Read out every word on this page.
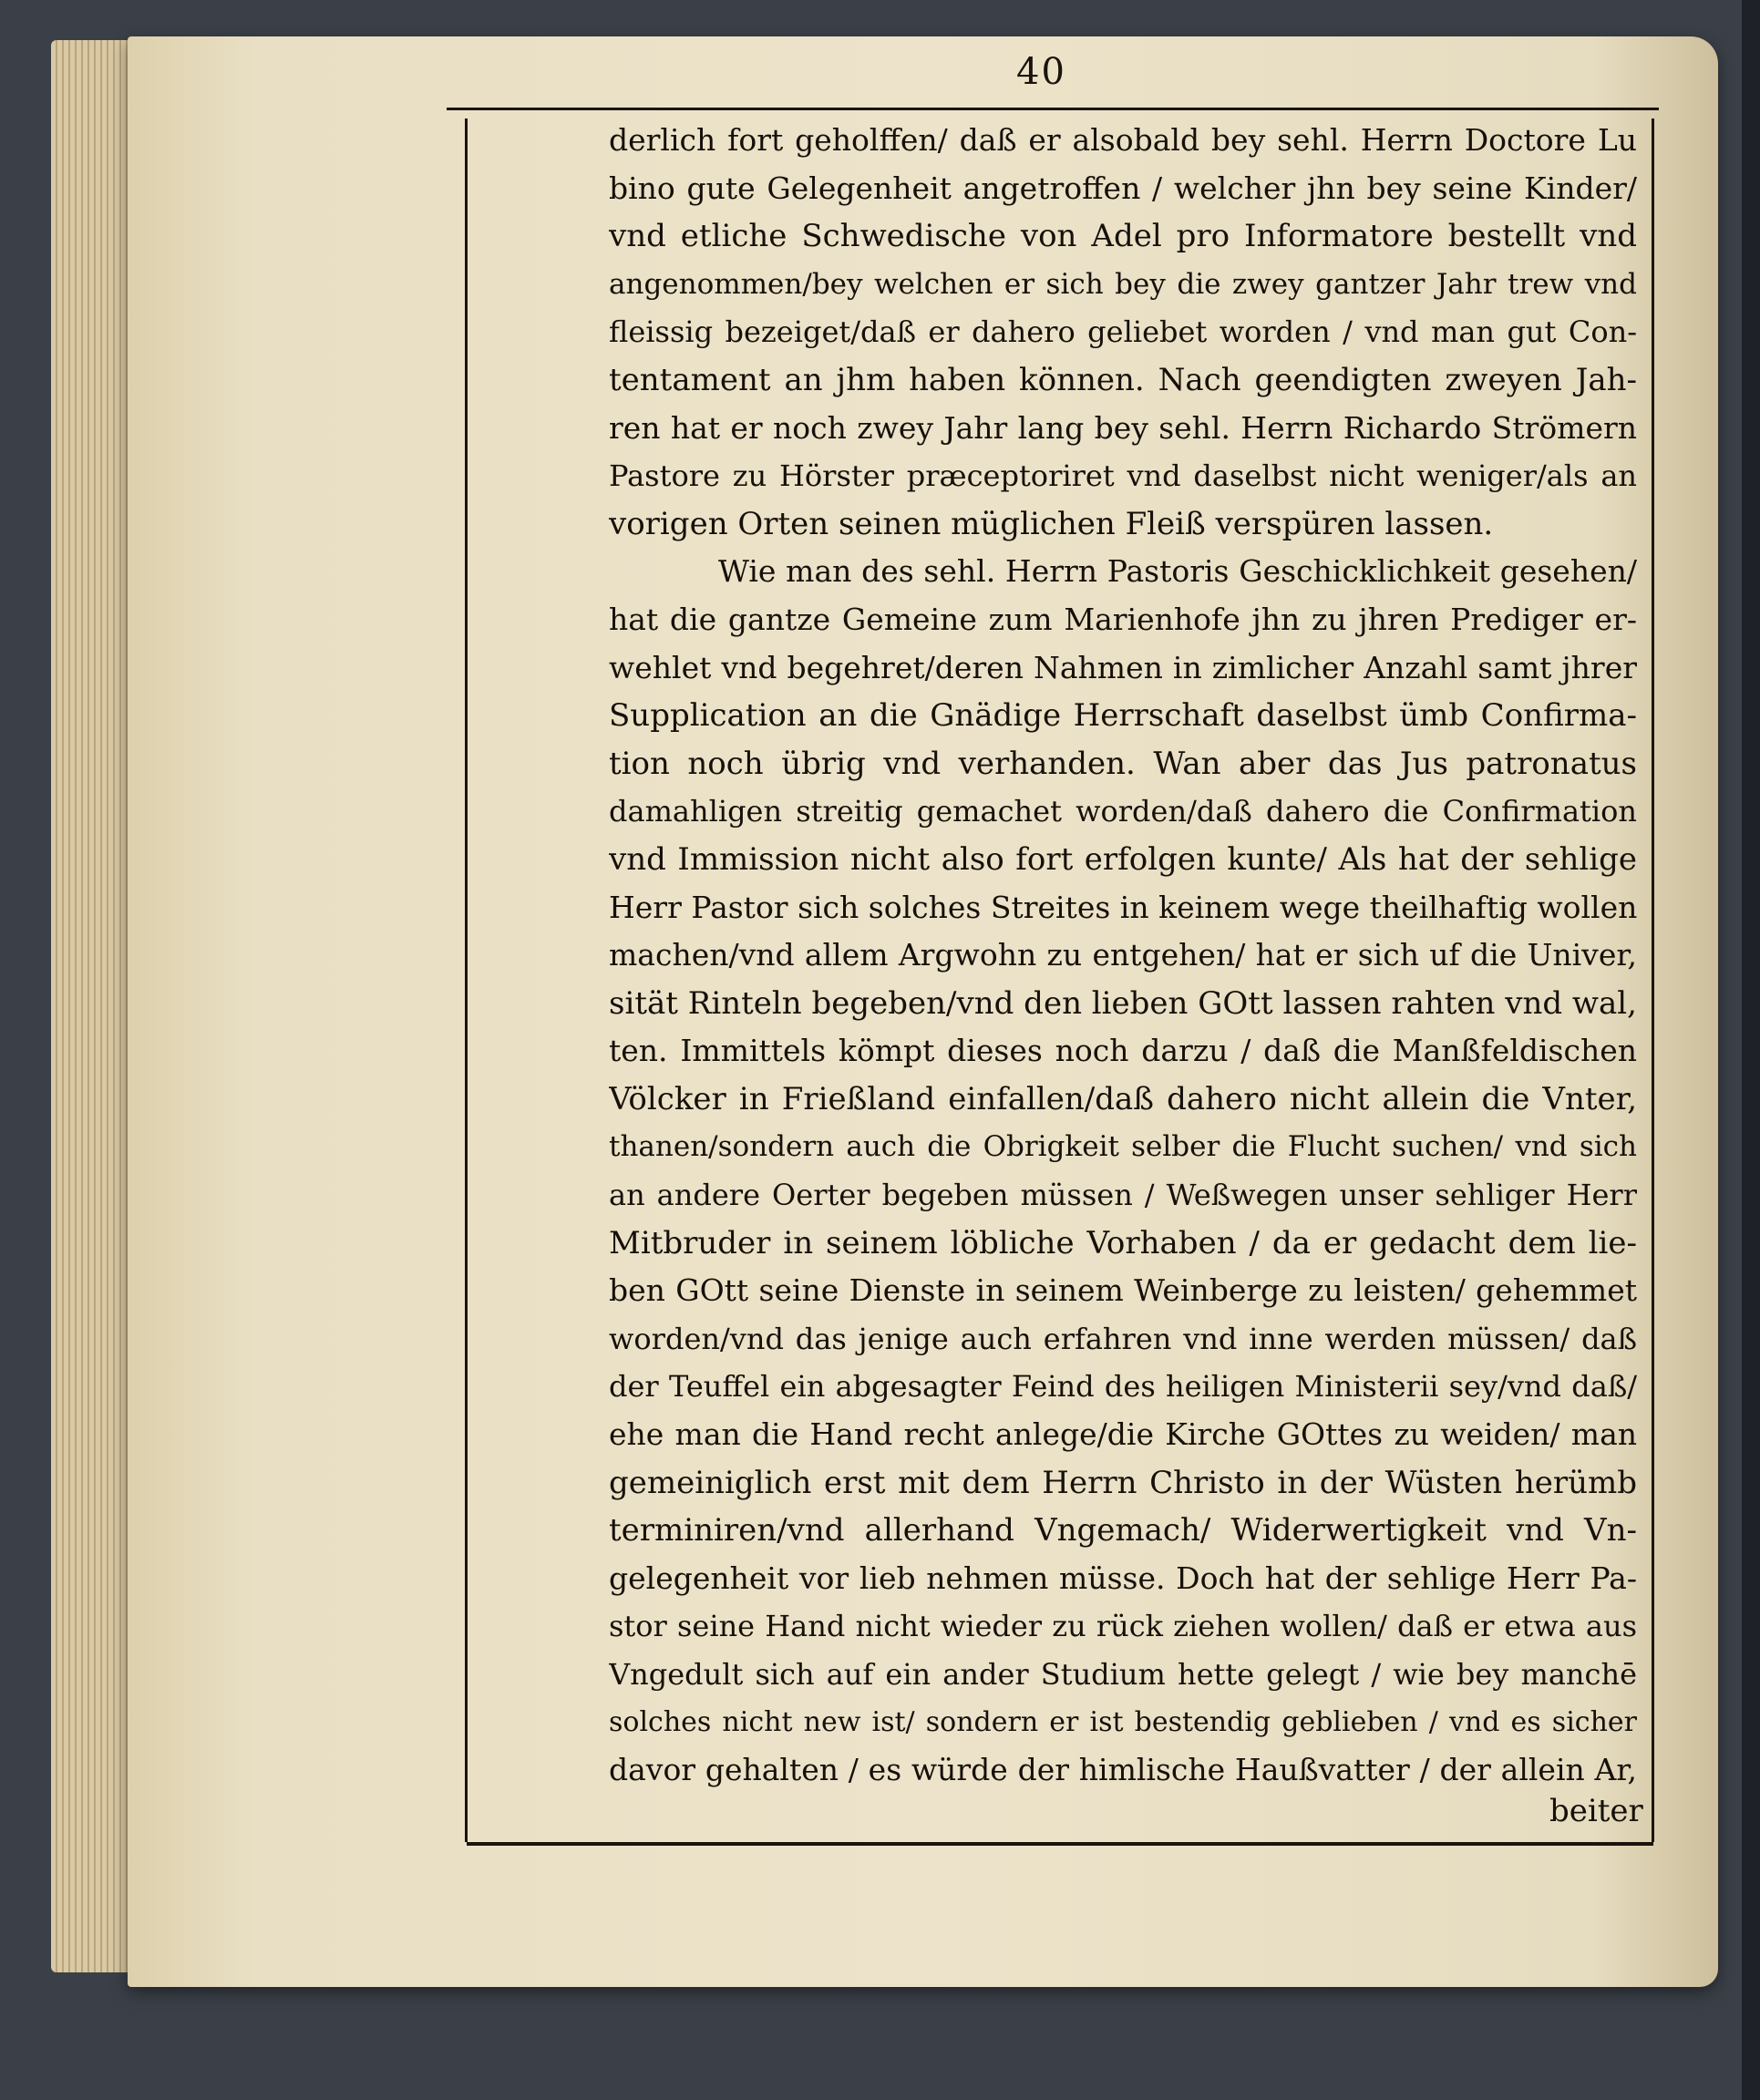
40
derlich fort geholffen/ daß er alsobald bey sehl. Herrn Doctore Lu
bino gute Gelegenheit angetroffen / welcher jhn bey seine Kinder/
vnd etliche Schwedische von Adel pro Informatore bestellt vnd
angenommen/bey welchen er sich bey die zwey gantzer Jahr trew vnd
fleissig bezeiget/daß er dahero geliebet worden / vnd man gut Con-
tentament an jhm haben können. Nach geendigten zweyen Jah-
ren hat er noch zwey Jahr lang bey sehl. Herrn Richardo Strömern
Pastore zu Hörster præceptoriret vnd daselbst nicht weniger/als an
vorigen Orten seinen müglichen Fleiß verspüren lassen.
Wie man des sehl. Herrn Pastoris Geschicklichkeit gesehen/
hat die gantze Gemeine zum Marienhofe jhn zu jhren Prediger er-
wehlet vnd begehret/deren Nahmen in zimlicher Anzahl samt jhrer
Supplication an die Gnädige Herrschaft daselbst ümb Confirma-
tion noch übrig vnd verhanden. Wan aber das Jus patronatus
damahligen streitig gemachet worden/daß dahero die Confirmation
vnd Immission nicht also fort erfolgen kunte/ Als hat der sehlige
Herr Pastor sich solches Streites in keinem wege theilhaftig wollen
machen/vnd allem Argwohn zu entgehen/ hat er sich uf die Univer,
sität Rinteln begeben/vnd den lieben GOtt lassen rahten vnd wal,
ten. Immittels kömpt dieses noch darzu / daß die Manßfeldischen
Völcker in Frießland einfallen/daß dahero nicht allein die Vnter,
thanen/sondern auch die Obrigkeit selber die Flucht suchen/ vnd sich
an andere Oerter begeben müssen / Weßwegen unser sehliger Herr
Mitbruder in seinem löbliche Vorhaben / da er gedacht dem lie-
ben GOtt seine Dienste in seinem Weinberge zu leisten/ gehemmet
worden/vnd das jenige auch erfahren vnd inne werden müssen/ daß
der Teuffel ein abgesagter Feind des heiligen Ministerii sey/vnd daß/
ehe man die Hand recht anlege/die Kirche GOttes zu weiden/ man
gemeiniglich erst mit dem Herrn Christo in der Wüsten herümb
terminiren/vnd allerhand Vngemach/ Widerwertigkeit vnd Vn-
gelegenheit vor lieb nehmen müsse. Doch hat der sehlige Herr Pa-
stor seine Hand nicht wieder zu rück ziehen wollen/ daß er etwa aus
Vngedult sich auf ein ander Studium hette gelegt / wie bey manchē
solches nicht new ist/ sondern er ist bestendig geblieben / vnd es sicher
davor gehalten / es würde der himlische Haußvatter / der allein Ar,
beiter
